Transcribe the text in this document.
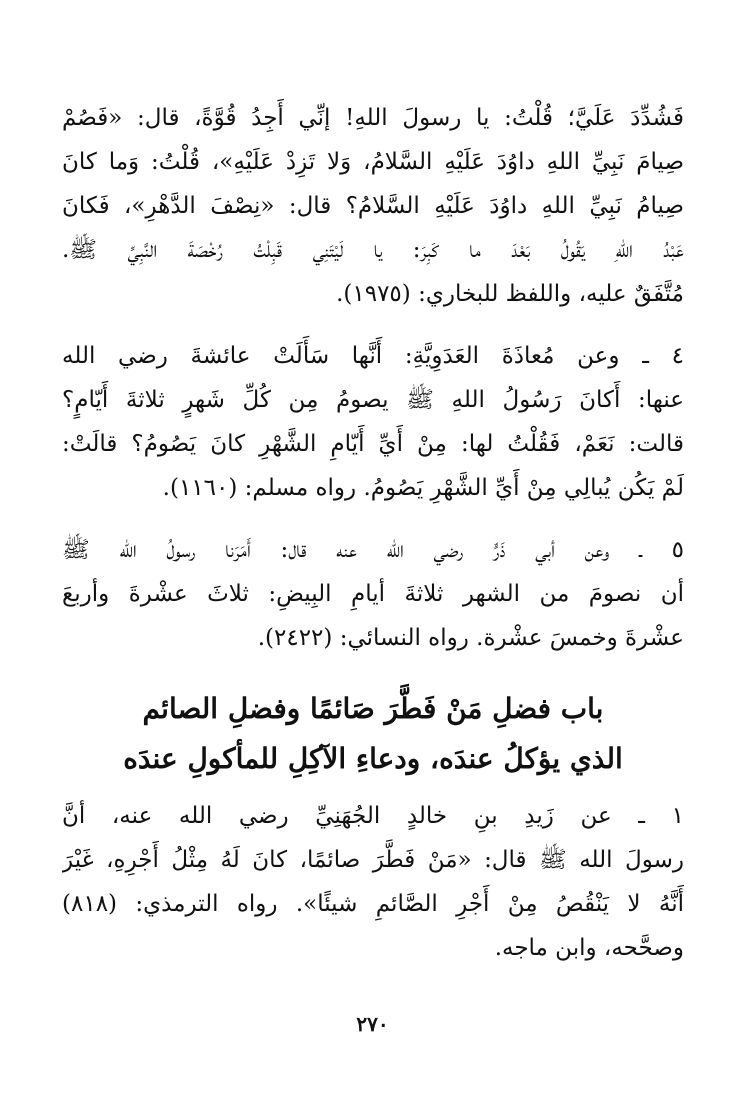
فَشُدِّدَ عَلَيَّ؛ قُلْتُ: يا رسولَ اللهِ! إنِّي أَجِدُ قُوَّةً، قال: «فَصُمْ
صِيامَ نَبِيِّ اللهِ داوُدَ عَلَيْهِ السَّلامُ، وَلا تَزِدْ عَلَيْهِ»، قُلْتُ: وَما كانَ
صِيامُ نَبِيِّ اللهِ داوُدَ عَلَيْهِ السَّلامُ؟ قال: «نِصْفَ الدَّهْرِ»، فَكانَ
عَبْدُ اللهِ يَقُولُ بَعْدَ ما كَبِرَ: يا لَيْتَنِي قَبِلْتُ رُخْصَةَ النَّبِيِّ ﷺ.
مُتَّفَقٌ عليه، واللفظ للبخاري: (١٩٧٥).
٤ ـ وعن مُعاذَةَ العَدَوِيَّةِ: أَنَّها سَأَلَتْ عائشةَ رضي الله
عنها: أَكانَ رَسُولُ اللهِ ﷺ يصومُ مِن كُلِّ شَهرٍ ثلاثةَ أَيّامٍ؟
قالت: نَعَمْ، فَقُلْتُ لها: مِنْ أَيِّ أَيّامِ الشَّهْرِ كانَ يَصُومُ؟ قالَتْ:
لَمْ يَكُن يُبالِي مِنْ أَيِّ الشَّهْرِ يَصُومُ. رواه مسلم: (١١٦٠).
٥ ـ وعن أبي ذَرٍّ رضي الله عنه قال: أَمَرَنا رسولُ الله ﷺ
أن نصومَ من الشهر ثلاثةَ أيامِ البِيضِ: ثلاثَ عشْرةَ وأربعَ
عشْرةَ وخمسَ عشْرة. رواه النسائي: (٢٤٢٢).
باب فضلِ مَنْ فَطَّرَ صَائمًا وفضلِ الصائم
الذي يؤكلُ عندَه، ودعاءِ الآكِلِ للمأكولِ عندَه
١ ـ عن زَيدِ بنِ خالدٍ الجُهَنِيِّ رضي الله عنه، أنَّ
رسولَ الله ﷺ قال: «مَنْ فَطَّرَ صائمًا، كانَ لَهُ مِثْلُ أَجْرِهِ، غَيْرَ
أَنَّهُ لا يَنْقُصُ مِنْ أَجْرِ الصَّائمِ شيئًا». رواه الترمذي: (٨١٨)
وصحَّحه، وابن ماجه.
٢٧٠
